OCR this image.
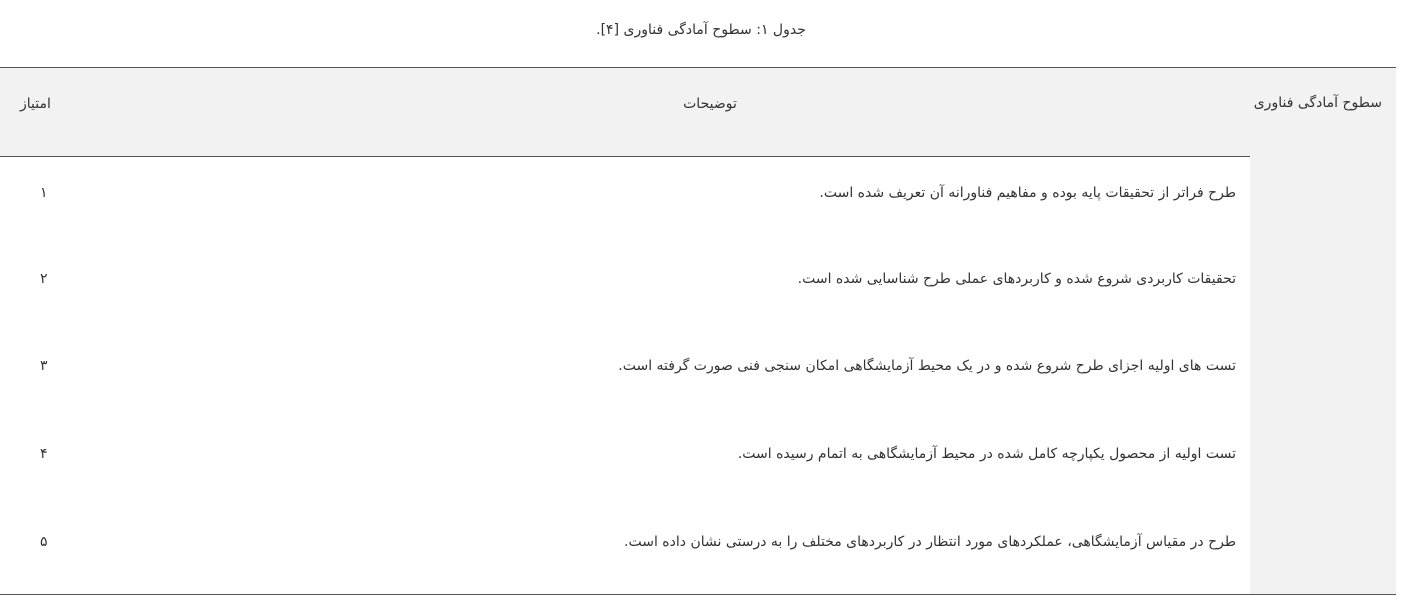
جدول ۱: سطوح آمادگی فناوری [۴].
سطوح آمادگی فناوری
امتیاز	توضیحات
طرح فراتر از تحقیقات پایه بوده و مفاهیم فناورانه آن تعریف شده است.
۱
تحقیقات کاربردی شروع شده و کاربردهای عملی طرح شناسایی شده است.
۲
تست های اولیه اجزای طرح شروع شده و در یک محیط آزمایشگاهی امکان سنجی فنی صورت گرفته است.
۳
تست اولیه از محصول یکپارچه کامل شده در محیط آزمایشگاهی به اتمام رسیده است.
۴
طرح در مقیاس آزمایشگاهی، عملکردهای مورد انتظار در کاربردهای مختلف را به درستی نشان داده است.
۵
